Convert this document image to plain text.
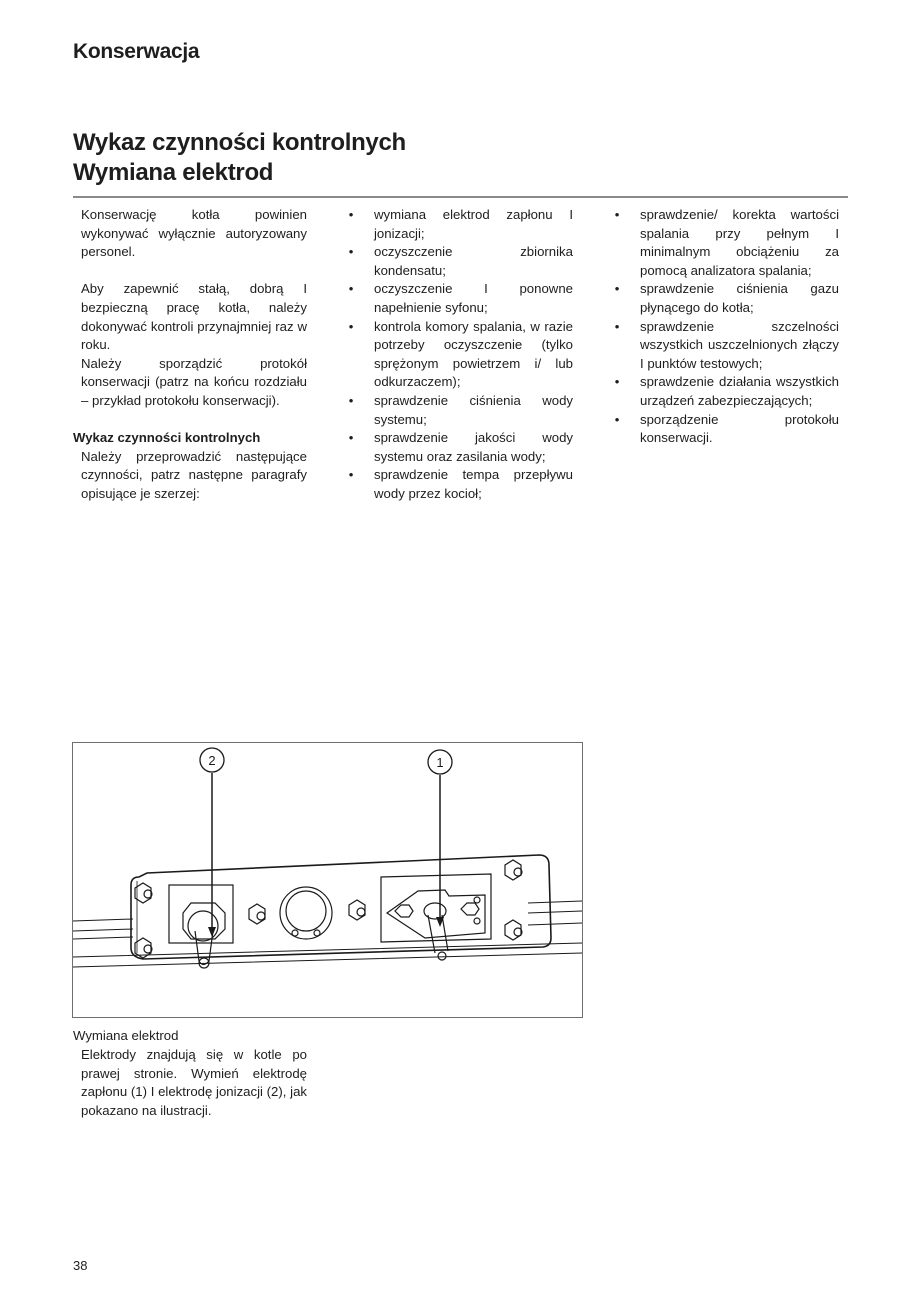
Konserwacja
Wykaz czynności kontrolnych
Wymiana elektrod

Konserwację kotła powinien wykonywać wyłącznie autoryzowany personel.

Aby zapewnić stałą, dobrą I bezpieczną pracę kotła, należy dokonywać kontroli przynajmniej raz w roku.

Należy sporządzić protokół konserwacji (patrz na końcu rozdziału – przykład protokołu konserwacji).

Wykaz czynności kontrolnych

Należy przeprowadzić następujące czynności, patrz następne paragrafy opisujące je szerzej:

• wymiana elektrod zapłonu I jonizacji;
• oczyszczenie zbiornika kondensatu;
• oczyszczenie I ponowne napełnienie syfonu;
• kontrola komory spalania, w razie potrzeby oczyszczenie (tylko sprężonym powietrzem i/ lub odkurzaczem);
• sprawdzenie ciśnienia wody systemu;
• sprawdzenie jakości wody systemu oraz zasilania wody;
• sprawdzenie tempa przepływu wody przez kocioł;
• sprawdzenie/ korekta wartości spalania przy pełnym I minimalnym obciążeniu za pomocą analizatora spalania;
• sprawdzenie ciśnienia gazu płynącego do kotła;
• sprawdzenie szczelności wszystkich uszczelnionych złączy I punktów testowych;
• sprawdzenie działania wszystkich urządzeń zabezpieczających;
• sporządzenie protokołu konserwacji.
2	1
Wymiana elektrod
Elektrody znajdują się w kotle po prawej stronie. Wymień elektrodę zapłonu (1) I elektrodę jonizacji (2), jak pokazano na ilustracji.
38
